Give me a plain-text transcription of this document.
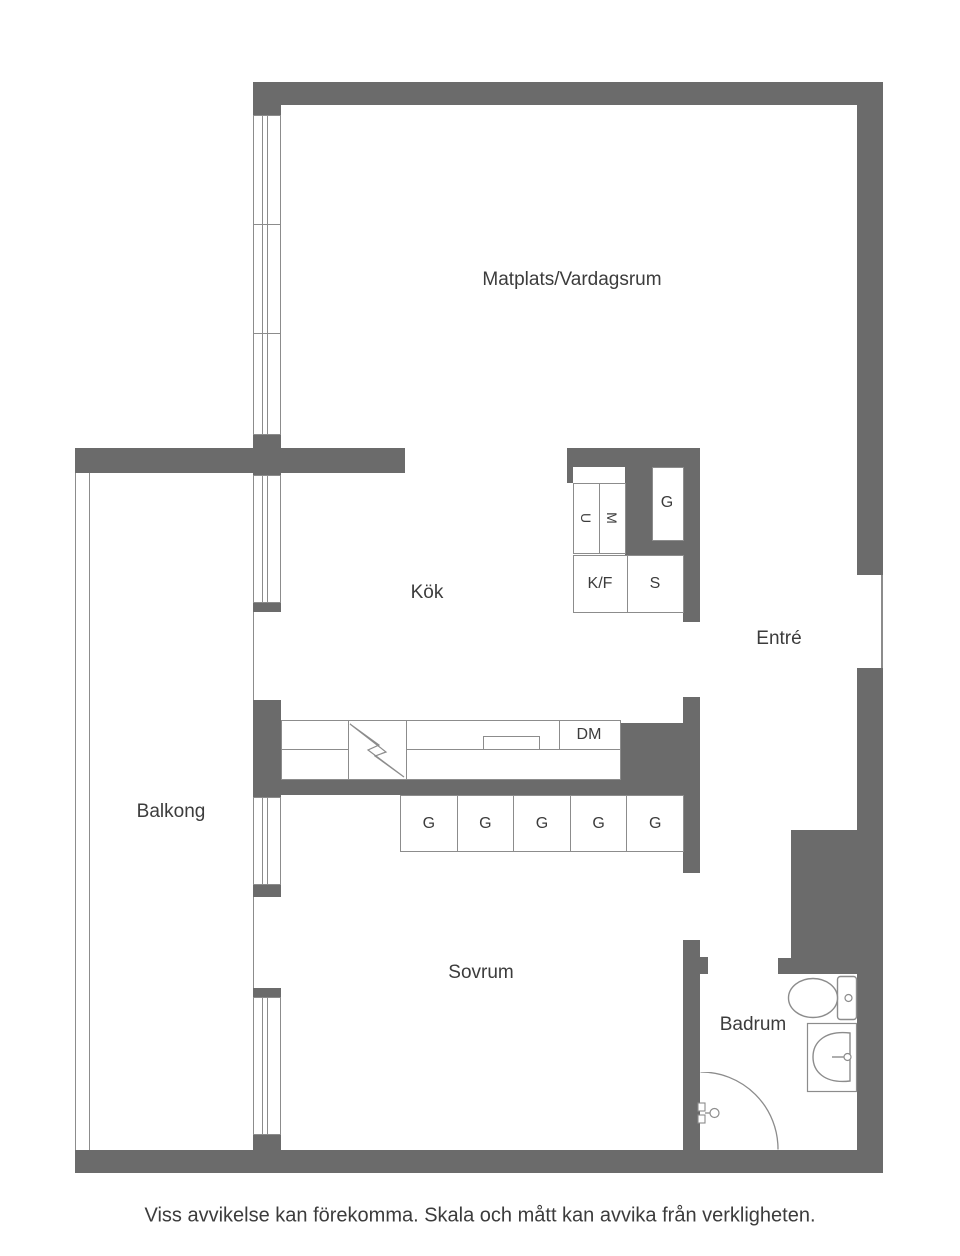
U M
G
K/F S
DM
G	G	G	G	G
Matplats/Vardagsrum
Kök
Entré
Balkong
Sovrum
Badrum
Viss avvikelse kan förekomma. Skala och mått kan avvika från verkligheten.
